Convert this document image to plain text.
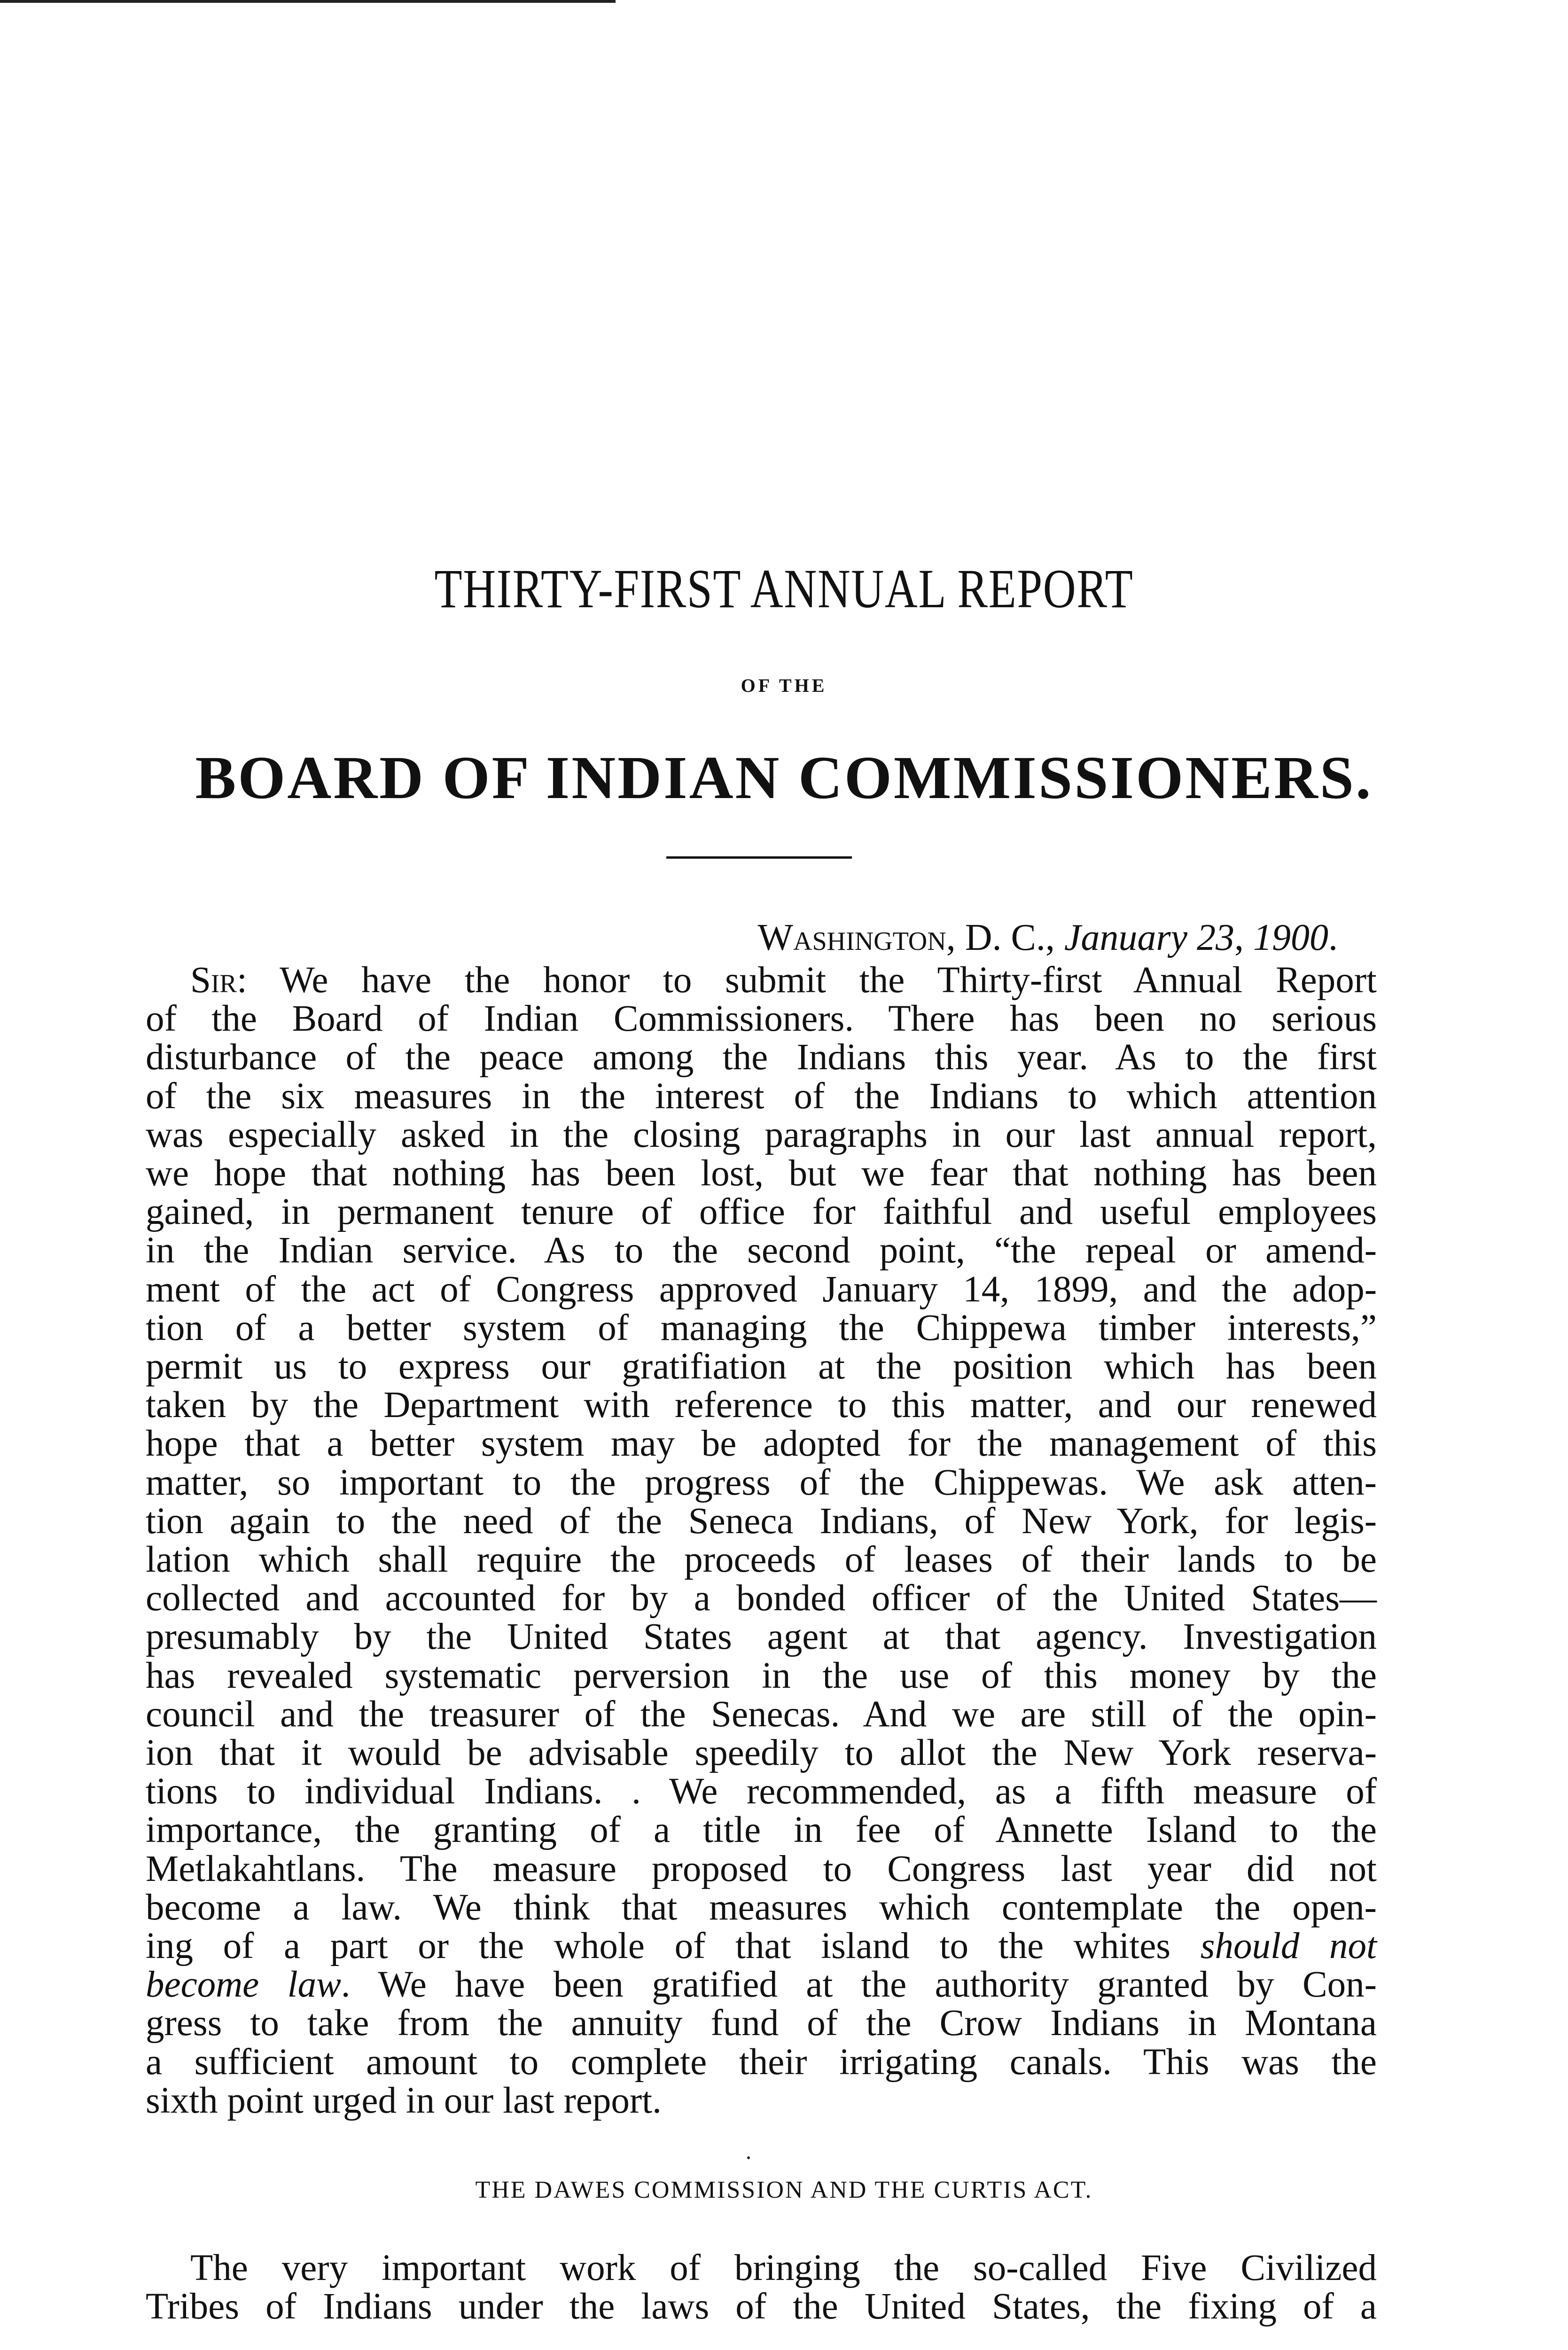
THIRTY-FIRST ANNUAL REPORT
OF THE
BOARD OF INDIAN COMMISSIONERS.
Washington, D. C., January 23, 1900.
Sir: We have the honor to submit the Thirty-first Annual Report
of the Board of Indian Commissioners. There has been no serious
disturbance of the peace among the Indians this year. As to the first
of the six measures in the interest of the Indians to which attention
was especially asked in the closing paragraphs in our last annual report,
we hope that nothing has been lost, but we fear that nothing has been
gained, in permanent tenure of office for faithful and useful employees
in the Indian service. As to the second point, “the repeal or amend-
ment of the act of Congress approved January 14, 1899, and the adop-
tion of a better system of managing the Chippewa timber interests,”
permit us to express our gratifiation at the position which has been
taken by the Department with reference to this matter, and our renewed
hope that a better system may be adopted for the management of this
matter, so important to the progress of the Chippewas. We ask atten-
tion again to the need of the Seneca Indians, of New York, for legis-
lation which shall require the proceeds of leases of their lands to be
collected and accounted for by a bonded officer of the United States—
presumably by the United States agent at that agency. Investigation
has revealed systematic perversion in the use of this money by the
council and the treasurer of the Senecas. And we are still of the opin-
ion that it would be advisable speedily to allot the New York reserva-
tions to individual Indians. . We recommended, as a fifth measure of
importance, the granting of a title in fee of Annette Island to the
Metlakahtlans. The measure proposed to Congress last year did not
become a law. We think that measures which contemplate the open-
ing of a part or the whole of that island to the whites should not
become law. We have been gratified at the authority granted by Con-
gress to take from the annuity fund of the Crow Indians in Montana
a sufficient amount to complete their irrigating canals. This was the
sixth point urged in our last report.
THE DAWES COMMISSION AND THE CURTIS ACT.
The very important work of bringing the so-called Five Civilized
Tribes of Indians under the laws of the United States, the fixing of a
